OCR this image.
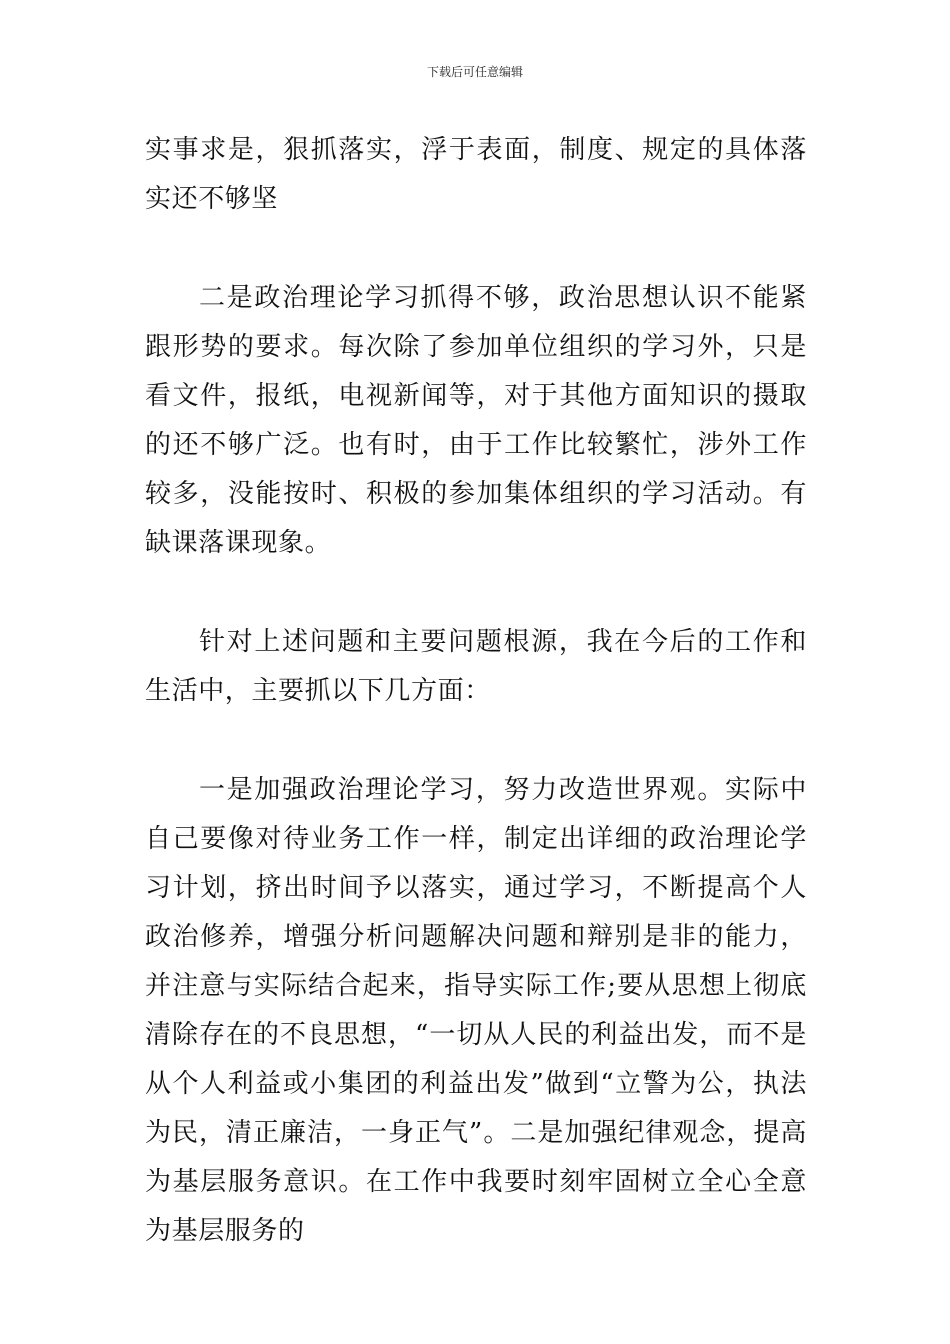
下载后可任意编辑

实事求是，狠抓落实，浮于表面，制度、规定的具体落实还不够坚

二是政治理论学习抓得不够，政治思想认识不能紧跟形势的要求。每次除了参加单位组织的学习外，只是看文件，报纸，电视新闻等，对于其他方面知识的摄取的还不够广泛。也有时，由于工作比较繁忙，涉外工作较多，没能按时、积极的参加集体组织的学习活动。有缺课落课现象。

针对上述问题和主要问题根源，我在今后的工作和生活中，主要抓以下几方面：

一是加强政治理论学习，努力改造世界观。实际中自己要像对待业务工作一样，制定出详细的政治理论学习计划，挤出时间予以落实，通过学习，不断提高个人政治修养，增强分析问题解决问题和辩别是非的能力，并注意与实际结合起来，指导实际工作;要从思想上彻底清除存在的不良思想，“一切从人民的利益出发，而不是从个人利益或小集团的利益出发”做到“立警为公，执法为民，清正廉洁，一身正气”。二是加强纪律观念，提高为基层服务意识。在工作中我要时刻牢固树立全心全意为基层服务的
